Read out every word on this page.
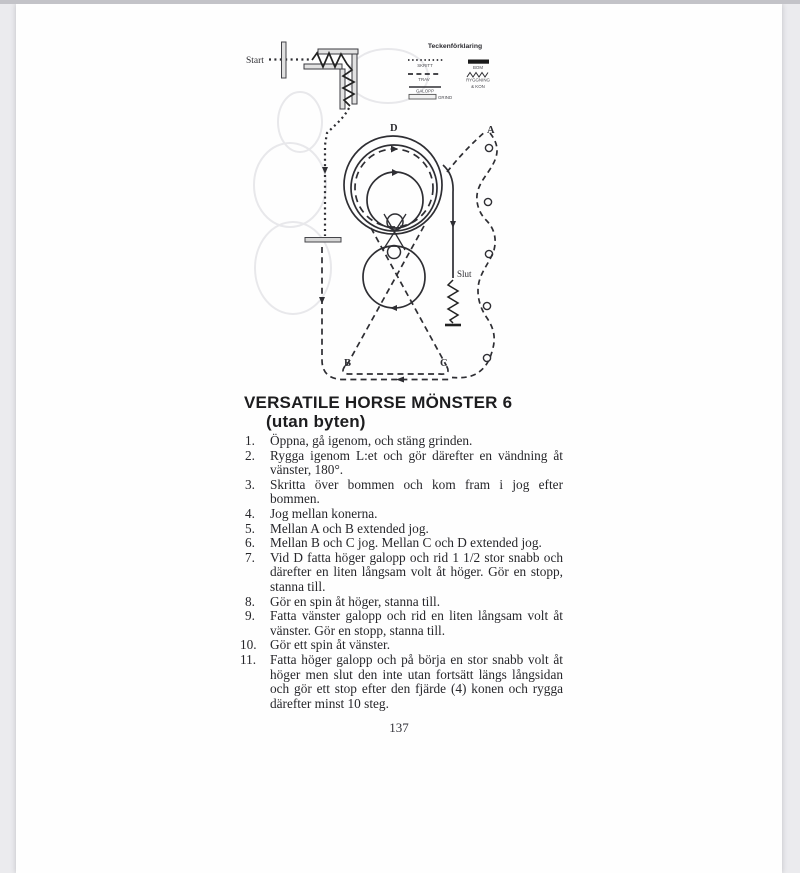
Teckenförklaring
SKRITT
TRAV
GALOPP
GRIND
BOM
RYGGNING
& KON
Start
Slut
D	A
B	C
VERSATILE HORSE MÖNSTER 6
(utan byten)
1. Öppna, gå igenom, och stäng grinden.
2. Rygga igenom L:et och gör därefter en vändning åt vänster, 180°.
3. Skritta över bommen och kom fram i jog efter bommen.
4. Jog mellan konerna.
5. Mellan A och B extended jog.
6. Mellan B och C jog. Mellan C och D extended jog.
7. Vid D fatta höger galopp och rid 1 1/2 stor snabb och därefter en liten långsam volt åt höger. Gör en stopp, stanna till.
8. Gör en spin åt höger, stanna till.
9. Fatta vänster galopp och rid en liten långsam volt åt vänster. Gör en stopp, stanna till.
10. Gör ett spin åt vänster.
11. Fatta höger galopp och på börja en stor snabb volt åt höger men slut den inte utan fortsätt längs långsidan och gör ett stop efter den fjärde (4) konen och rygga därefter minst 10 steg.
137
